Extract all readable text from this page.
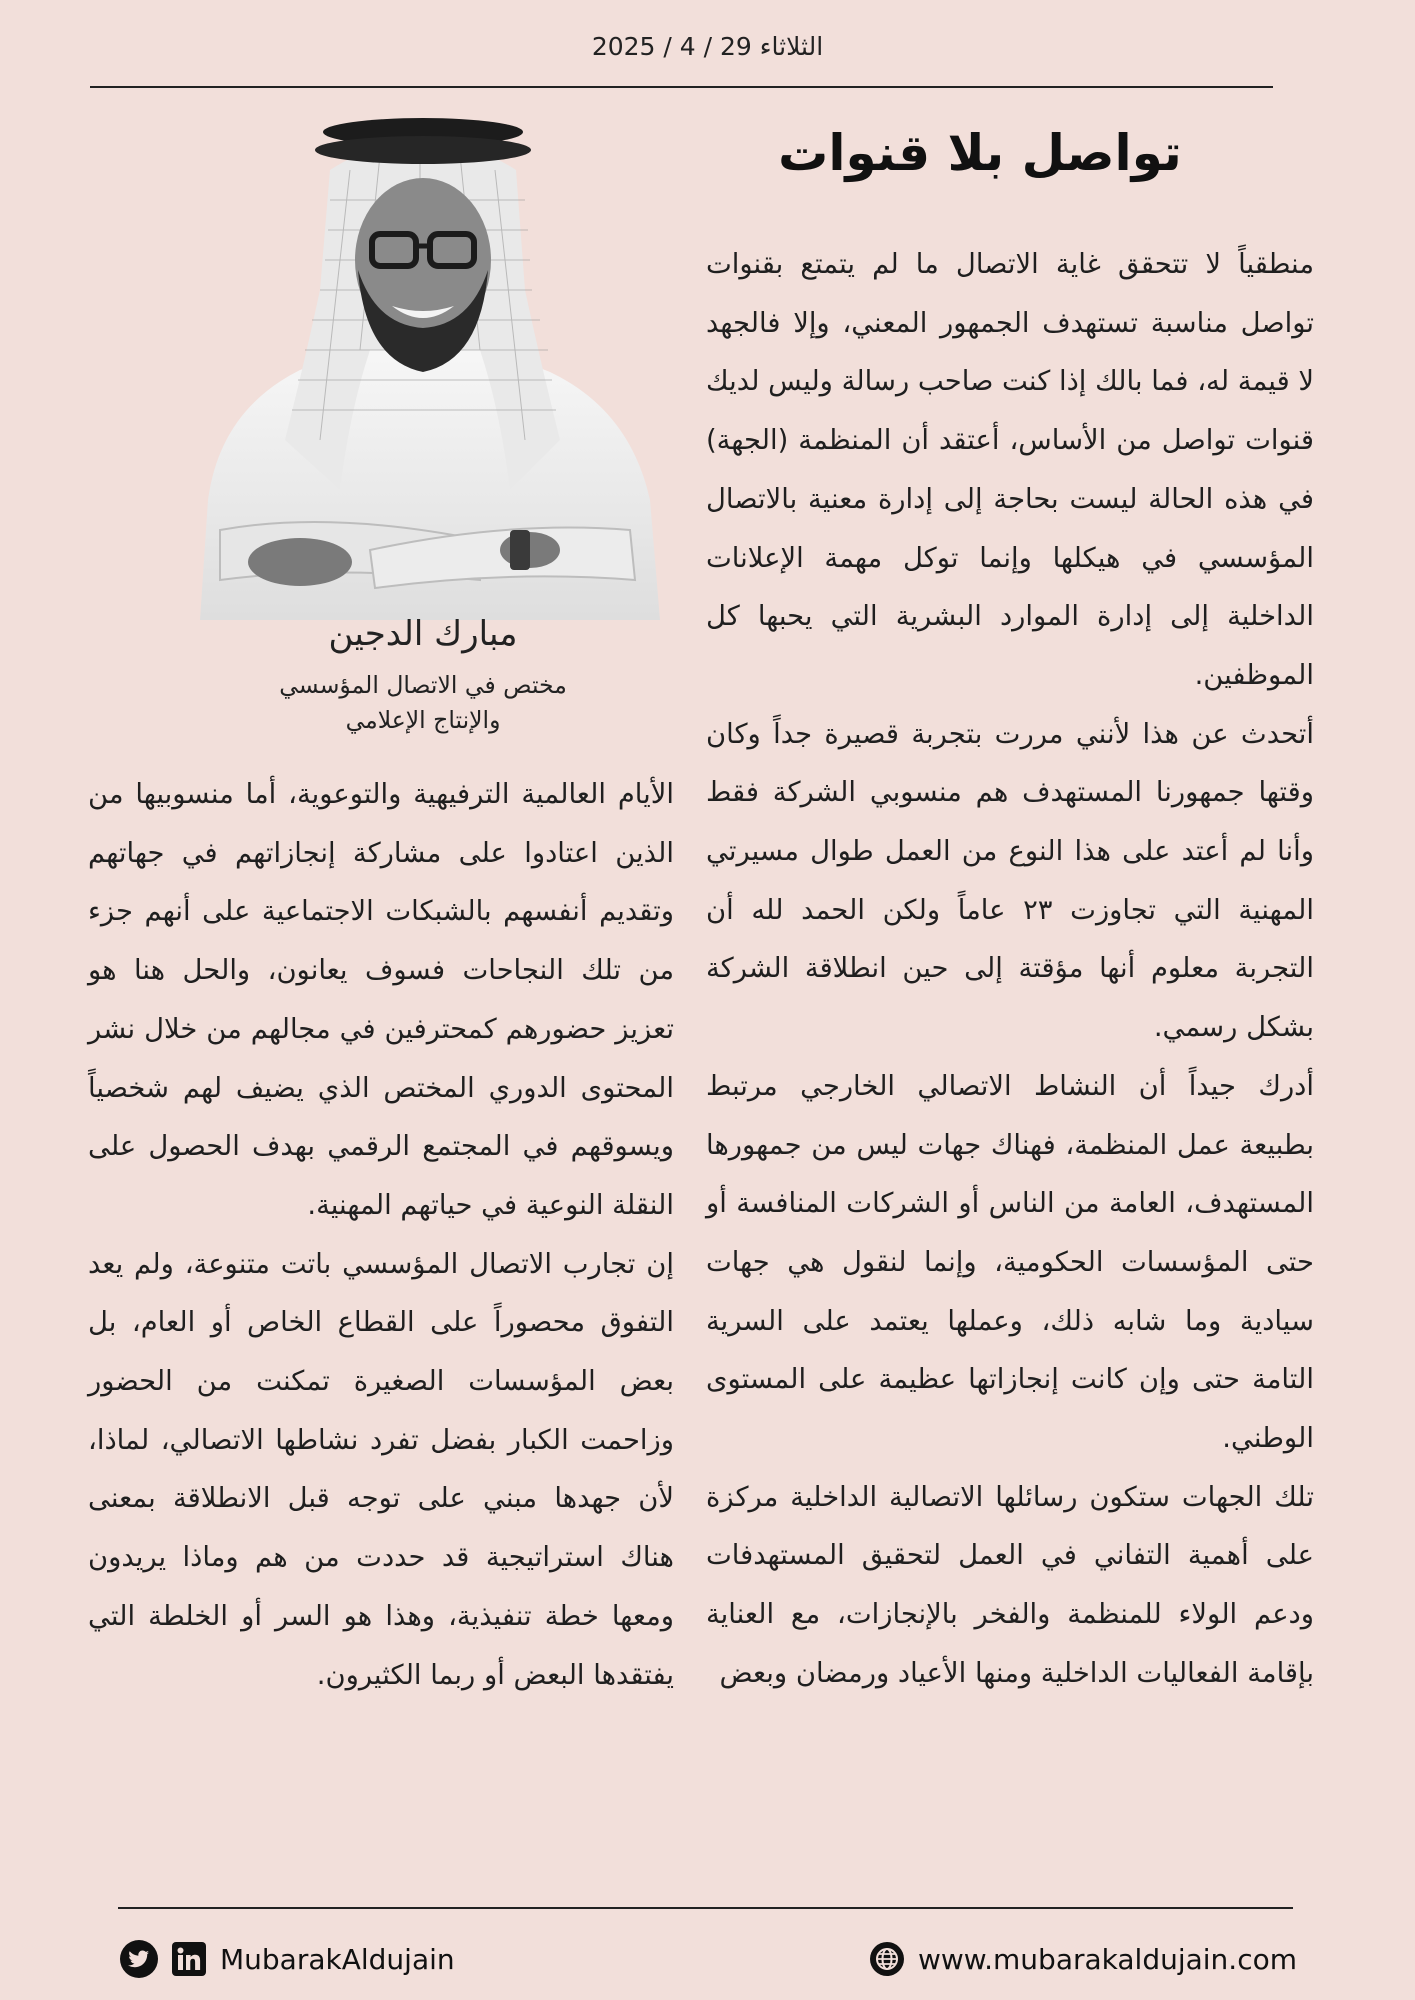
الثلاثاء 29 / 4 / 2025
تواصل بلا قنوات
مبارك الدجين
مختص في الاتصال المؤسسي
والإنتاج الإعلامي

منطقياً لا تتحقق غاية الاتصال ما لم يتمتع بقنوات تواصل مناسبة تستهدف الجمهور المعني، وإلا فالجهد لا قيمة له، فما بالك إذا كنت صاحب رسالة وليس لديك قنوات تواصل من الأساس، أعتقد أن المنظمة (الجهة) في هذه الحالة ليست بحاجة إلى إدارة معنية بالاتصال المؤسسي في هيكلها وإنما توكل مهمة الإعلانات الداخلية إلى إدارة الموارد البشرية التي يحبها كل الموظفين.

أتحدث عن هذا لأنني مررت بتجربة قصيرة جداً وكان وقتها جمهورنا المستهدف هم منسوبي الشركة فقط وأنا لم أعتد على هذا النوع من العمل طوال مسيرتي المهنية التي تجاوزت ٢٣ عاماً ولكن الحمد لله أن التجربة معلوم أنها مؤقتة إلى حين انطلاقة الشركة بشكل رسمي.

أدرك جيداً أن النشاط الاتصالي الخارجي مرتبط بطبيعة عمل المنظمة، فهناك جهات ليس من جمهورها المستهدف، العامة من الناس أو الشركات المنافسة أو حتى المؤسسات الحكومية، وإنما لنقول هي جهات سيادية وما شابه ذلك، وعملها يعتمد على السرية التامة حتى وإن كانت إنجازاتها عظيمة على المستوى الوطني.

تلك الجهات ستكون رسائلها الاتصالية الداخلية مركزة على أهمية التفاني في العمل لتحقيق المستهدفات ودعم الولاء للمنظمة والفخر بالإنجازات، مع العناية بإقامة الفعاليات الداخلية ومنها الأعياد ورمضان وبعض

الأيام العالمية الترفيهية والتوعوية، أما منسوبيها من الذين اعتادوا على مشاركة إنجازاتهم في جهاتهم وتقديم أنفسهم بالشبكات الاجتماعية على أنهم جزء من تلك النجاحات فسوف يعانون، والحل هنا هو تعزيز حضورهم كمحترفين في مجالهم من خلال نشر المحتوى الدوري المختص الذي يضيف لهم شخصياً ويسوقهم في المجتمع الرقمي بهدف الحصول على النقلة النوعية في حياتهم المهنية.

إن تجارب الاتصال المؤسسي باتت متنوعة، ولم يعد التفوق محصوراً على القطاع الخاص أو العام، بل بعض المؤسسات الصغيرة تمكنت من الحضور وزاحمت الكبار بفضل تفرد نشاطها الاتصالي، لماذا، لأن جهدها مبني على توجه قبل الانطلاقة بمعنى هناك استراتيجية قد حددت من هم وماذا يريدون ومعها خطة تنفيذية، وهذا هو السر أو الخلطة التي يفتقدها البعض أو ربما الكثيرون.

MubarakAldujain	www.mubarakaldujain.com
